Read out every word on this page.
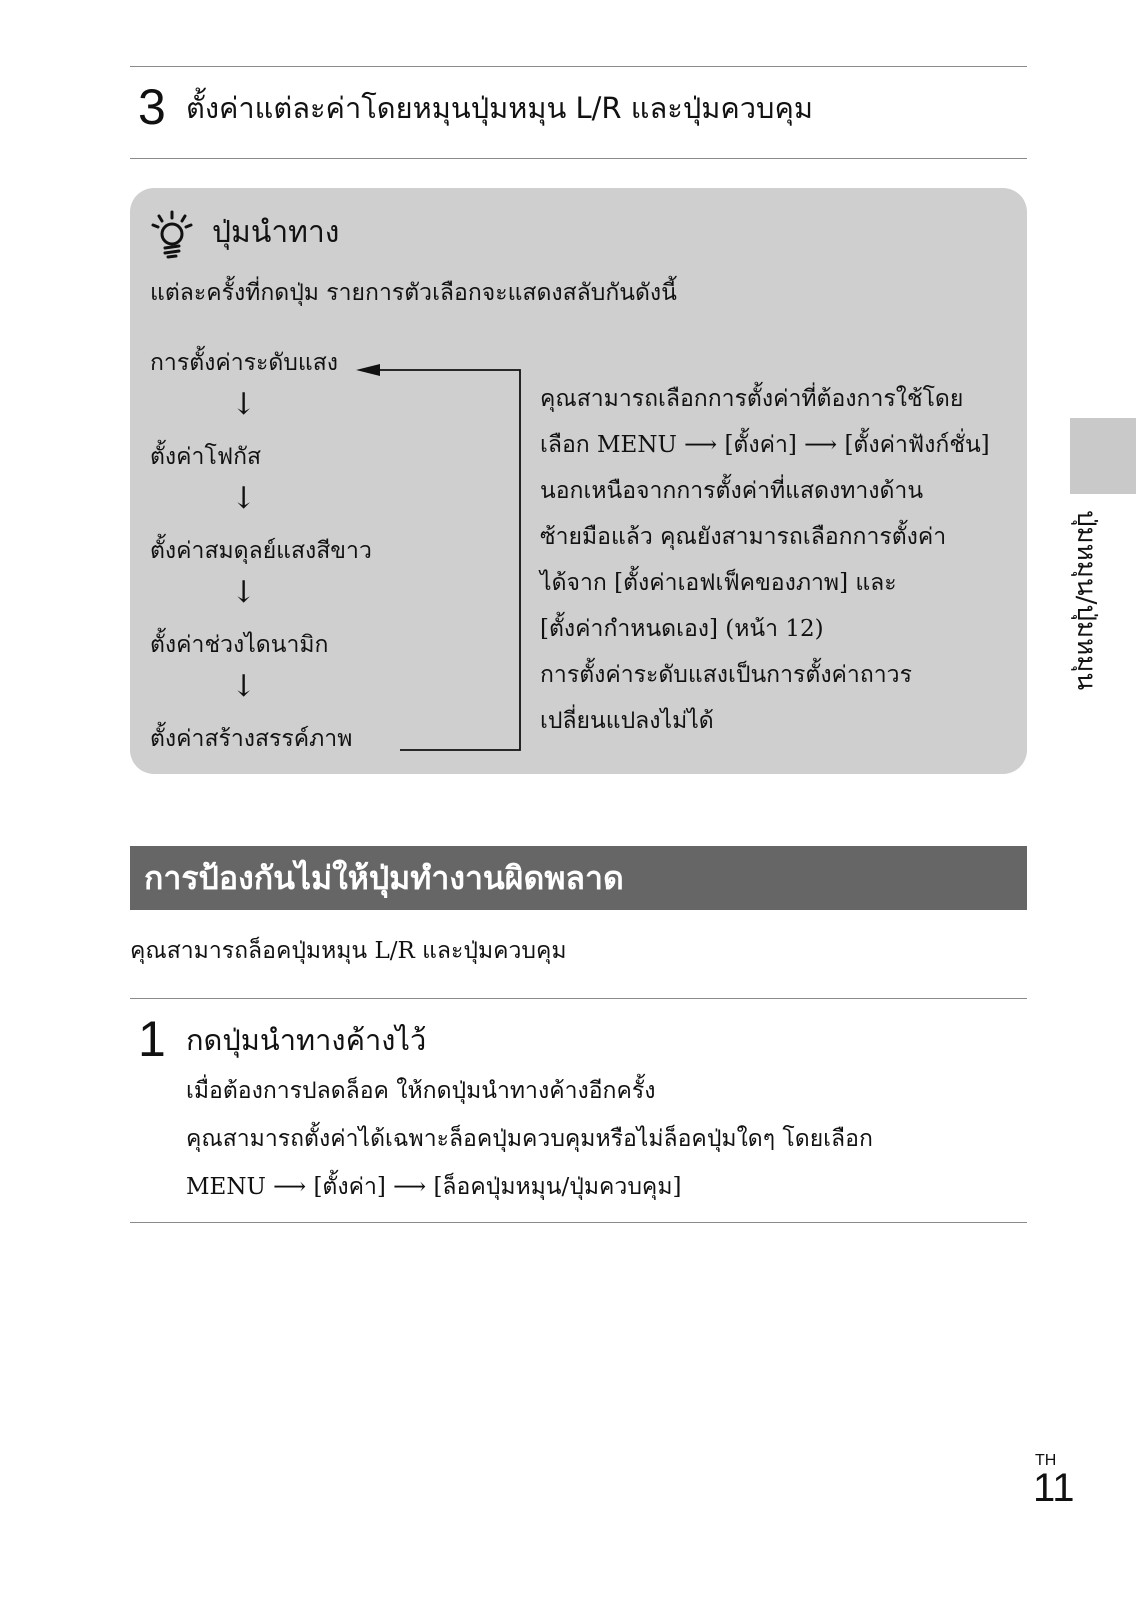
3 ตั้งค่าแต่ละค่าโดยหมุนปุ่มหมุน L/R และปุ่มควบคุม
ปุ่มนำทาง
แต่ละครั้งที่กดปุ่ม รายการตัวเลือกจะแสดงสลับกันดังนี้
การตั้งค่าระดับแสง
↓
ตั้งค่าโฟกัส
↓
ตั้งค่าสมดุลย์แสงสีขาว
↓
ตั้งค่าช่วงไดนามิก
↓
ตั้งค่าสร้างสรรค์ภาพ
คุณสามารถเลือกการตั้งค่าที่ต้องการใช้โดย
เลือก MENU ⟶ [ตั้งค่า] ⟶ [ตั้งค่าฟังก์ชั่น]
นอกเหนือจากการตั้งค่าที่แสดงทางด้าน
ซ้ายมือแล้ว คุณยังสามารถเลือกการตั้งค่า
ได้จาก [ตั้งค่าเอฟเฟ็คของภาพ] และ
[ตั้งค่ากำหนดเอง] (หน้า 12)
การตั้งค่าระดับแสงเป็นการตั้งค่าถาวร
เปลี่ยนแปลงไม่ได้
ปุ่มหมุน/ปุ่มหมุน
การป้องกันไม่ให้ปุ่มทำงานผิดพลาด
คุณสามารถล็อคปุ่มหมุน L/R และปุ่มควบคุม
1 กดปุ่มนำทางค้างไว้
เมื่อต้องการปลดล็อค ให้กดปุ่มนำทางค้างอีกครั้ง
คุณสามารถตั้งค่าได้เฉพาะล็อคปุ่มควบคุมหรือไม่ล็อคปุ่มใดๆ โดยเลือก
MENU ⟶ [ตั้งค่า] ⟶ [ล็อคปุ่มหมุน/ปุ่มควบคุม]
TH
11
